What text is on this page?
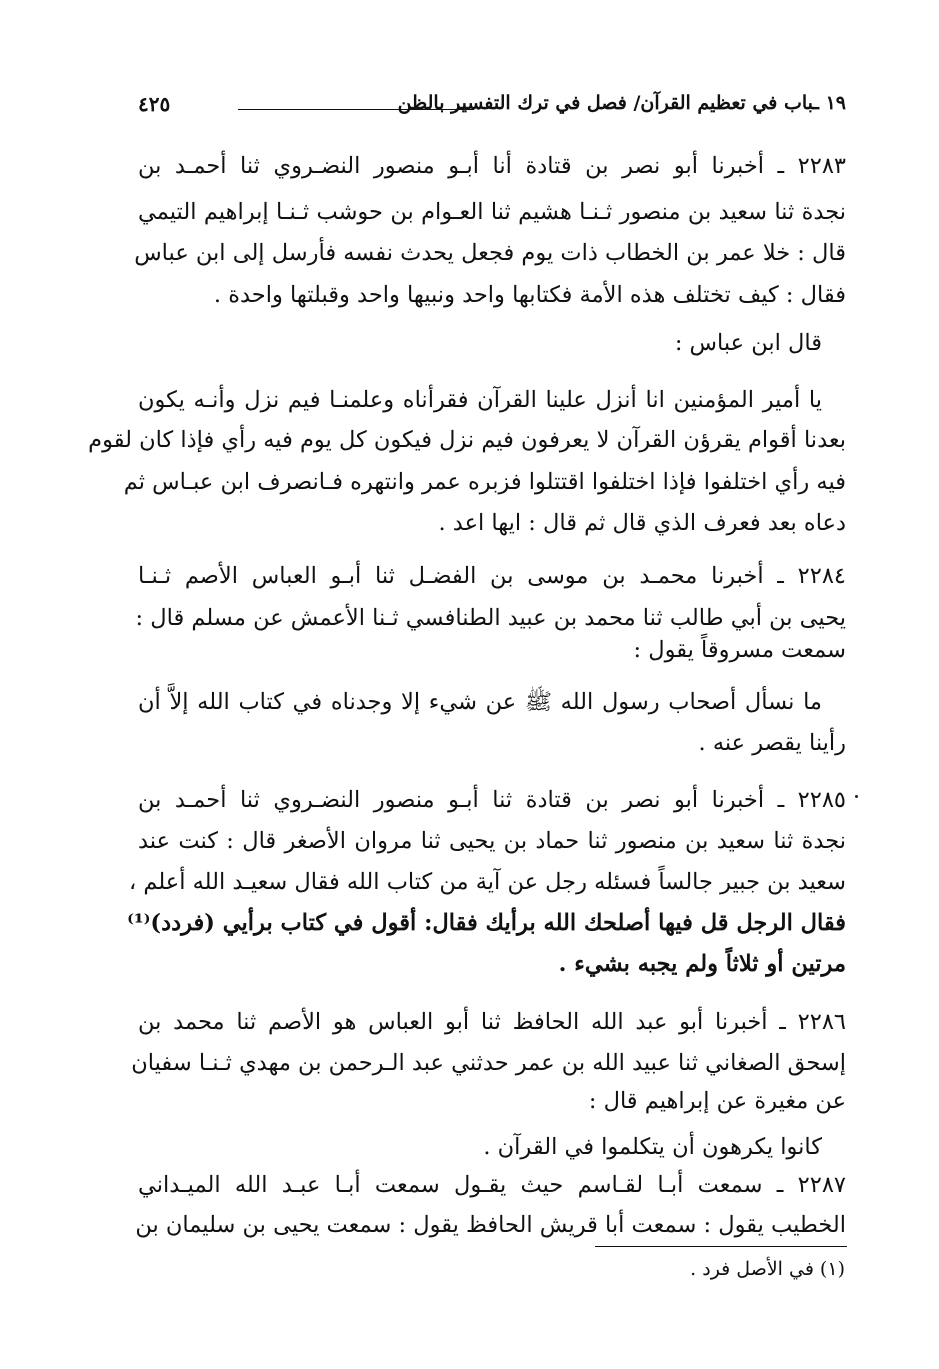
١٩ ـباب في تعظيم القرآن/ فصل في ترك التفسير بالظن
٤٢٥
٢٢٨٣ ـ أخبرنا أبو نصر بن قتادة أنا أبـو منصور النضـروي ثنا أحمـد بن
نجدة ثنا سعيد بن منصور ثـنـا هشيم ثنا العـوام بن حوشب ثـنـا إبراهيم التيمي
قال : خلا عمر بن الخطاب ذات يوم فجعل يحدث نفسه فأرسل إلى ابن عباس
فقال : كيف تختلف هذه الأمة فكتابها واحد ونبيها واحد وقبلتها واحدة .
قال ابن عباس :
يا أمير المؤمنين انا أنزل علينا القرآن فقرأناه وعلمنـا فيم نزل وأنـه يكون
بعدنا أقوام يقرؤن القرآن لا يعرفون فيم نزل فيكون كل يوم فيه رأي فإذا كان لقوم
فيه رأي اختلفوا فإذا اختلفوا اقتتلوا فزبره عمر وانتهره فـانصرف ابن عبـاس ثم
دعاه بعد فعرف الذي قال ثم قال : ايها اعد .
٢٢٨٤ ـ أخبرنا محمـد بن موسى بن الفضـل ثنا أبـو العباس الأصم ثـنـا
يحيى بن أبي طالب ثنا محمد بن عبيد الطنافسي ثـنا الأعمش عن مسلم قال :
سمعت مسروقاً يقول :
ما نسأل أصحاب رسول الله ﷺ عن شيء إلا وجدناه في كتاب الله إلاَّ أن
رأينا يقصر عنه .
٢٢٨٥ ـ أخبرنا أبو نصر بن قتادة ثنا أبـو منصور النضـروي ثنا أحمـد بن
نجدة ثنا سعيد بن منصور ثنا حماد بن يحيى ثنا مروان الأصغر قال : كنت عند
سعيد بن جبير جالساً فسئله رجل عن آية من كتاب الله فقال سعيـد الله أعلم ،
فقال الرجل قل فيها أصلحك الله برأيك فقال: أقول في كتاب برأيي (فردد)⁽¹⁾
مرتين أو ثلاثاً ولم يجبه بشيء .
٢٢٨٦ ـ أخبرنا أبو عبد الله الحافظ ثنا أبو العباس هو الأصم ثنا محمد بن
إسحق الصغاني ثنا عبيد الله بن عمر حدثني عبد الـرحمن بن مهدي ثـنـا سفيان
عن مغيرة عن إبراهيم قال :
كانوا يكرهون أن يتكلموا في القرآن .
٢٢٨٧ ـ سمعت أبـا لقـاسم حيث يقـول سمعت أبـا عبـد الله الميـداني
الخطيب يقول : سمعت أبا قريش الحافظ يقول : سمعت يحيى بن سليمان بن
(١) في الأصل فرد .
